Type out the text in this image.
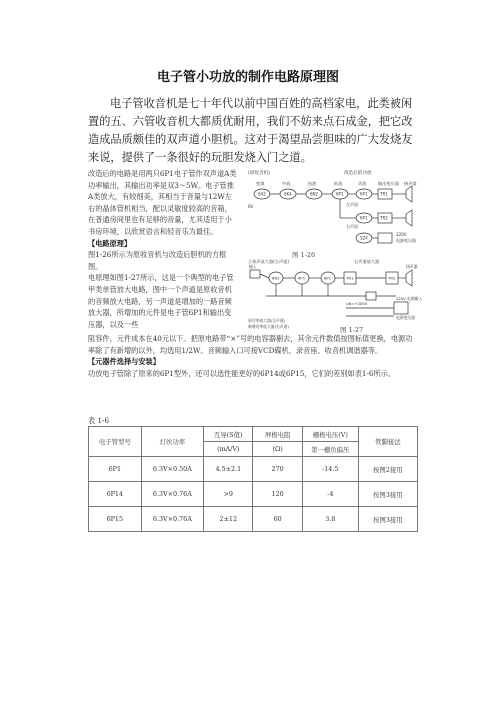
电子管小功放的制作电路原理图
电子管收音机是七十年代以前中国百姓的高档家电，此类被闲置的五、六管收音机大都质优耐用，我们不妨来点石成金，把它改造成品质颇佳的双声道小胆机。这对于渴望品尝胆味的广大发烧友来说，提供了一条很好的玩胆发烧入门之道。

改造后的电路是用两只6P1电子管作双声道A类功率输出，其输出功率是双3～5W。电子管推A类放大，有较细美，其相当于音量与12W左右的晶体管机相当，配以灵敏度较高的音箱，在普通房间里也有足够的音量，尤其适用于小书房环境，以欣赏语言和轻音乐为最佳。

【电路原理】

图1-26所示为原收音机与改造后胆机的方框图。

电原理如图1-27所示，这是一个典型的电子管甲类单管放大电路，图中一个声道是原收音机的音频放大电路，另一声道是增加的一路音频放大器，所增加的元件是电子管6P1和输出变压器，以及一些

(原收音机)	改造后的功放
变频	中放	检波	低放	功放	输出变压器 扬声器
6A2	6K4	6N2	6P1	6P1	TR1
6P1	TR2
左声道
右声道
220V
电源变压器
5Z4
6V
图 1-26
立体声放大器(左声道)	右声道放大器
输入
6N2	6P1	6P1	TR1	TR2
扬声器
Ub=+200V
220V 电源输入
电源变压器
原功率放大器(左声道)
新增功率放大器(右声道)	图 1-27

阻容件，元件成本在40元以下。把原电路带“×”号的电容器剔去，其余元件数值按图标值更换，电源功率除了有新增的以外，均选用1/2W。音频输入口可接VCD碟机、录音座、收音机调谐器等。

【元器件选择与安装】

功放电子管除了原来的6P1型外，还可以选性能更好的6P14或6P15，它们的差别如表1-6所示。

表 1-6
电子管型号	灯丝功率	互导(S值)	屏极电阻	栅极电压(V)	管脚接法
		(mA/V)	(Ω)	第一栅负偏压	
6P1	6.3V×0.50A	4.5±2.1	270	-14.5	按图2接用
6P14	6.3V×0.76A	>9	120	-4	按图3接用
6P15	6.3V×0.76A	2±12	60	3.8	按图3接用
